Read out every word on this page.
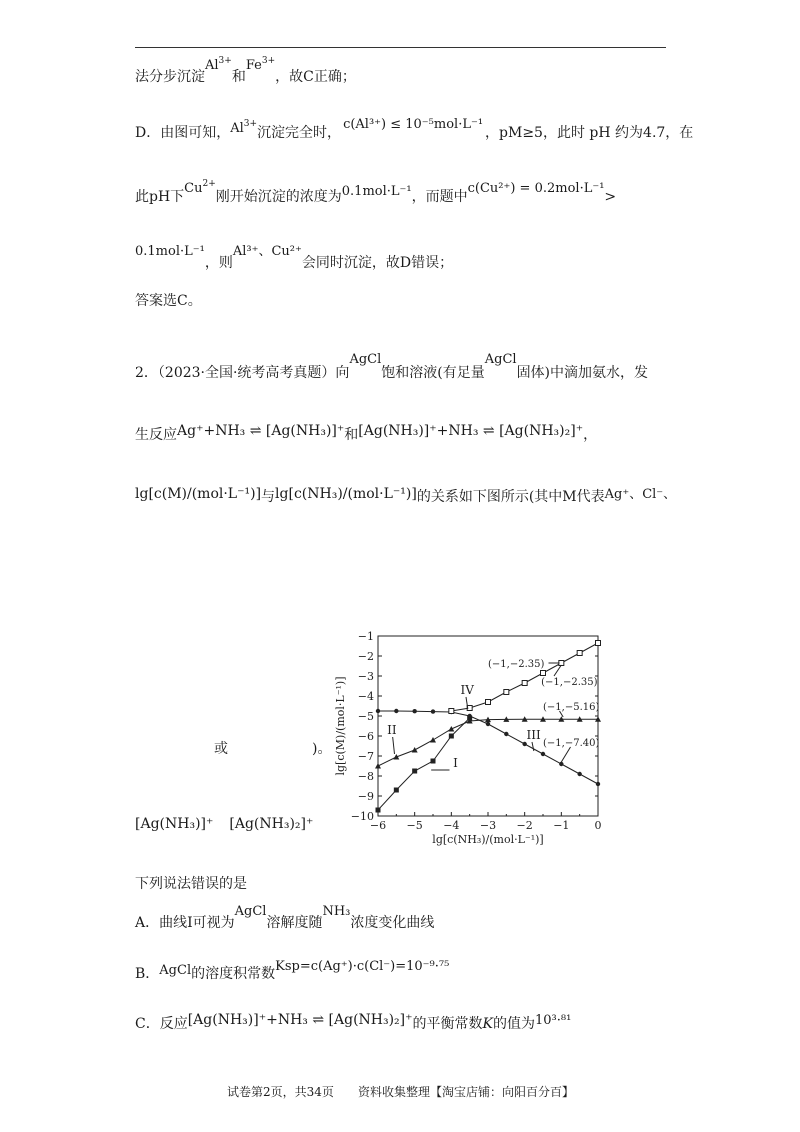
法分步沉淀$Al^{3+}$和$Fe^{3+}$，故C正确；
D．由图可知，$Al^{3+}$沉淀完全时，c(Al³⁺) ≤ 10⁻⁵mol·L⁻¹，pM≥5，此时 pH 约为4.7，在
此pH下$Cu^{2+}$刚开始沉淀的浓度为0.1mol·L⁻¹，而题中c(Cu²⁺) = 0.2mol·L⁻¹>
0.1mol·L⁻¹，则Al³⁺、Cu²⁺会同时沉淀，故D错误；
答案选C。
2．（2023·全国·统考高考真题）向AgCl饱和溶液(有足量AgCl固体)中滴加氨水，发
生反应Ag⁺+NH₃ ⇌ [Ag(NH₃)]⁺和[Ag(NH₃)]⁺+NH₃ ⇌ [Ag(NH₃)₂]⁺，
lg[c(M)/(mol·L⁻¹)]与lg[c(NH₃)/(mol·L⁻¹)]的关系如下图所示(其中M代表Ag⁺、Cl⁻、
或	)。
[Ag(NH₃)]⁺ [Ag(NH₃)₂]⁺	−6 −5 −4 −3 −2 −1 0
−10
−9
−8
−7
−6
−5
−4
−3
−2
−1
lg[c(NH₃)/(mol·L⁻¹)]
lg[c(M)/(mol·L⁻¹)]	IV
II	III
I
(−1,−2.35)
(−1,−2.35)
(−1,−5.16)
(−1,−7.40)
下列说法错误的是
A．曲线I可视为AgCl溶解度随NH₃浓度变化曲线
B．AgCl的溶度积常数Ksp=c(Ag⁺)·c(Cl⁻)=10⁻⁹·⁷⁵
C．反应[Ag(NH₃)]⁺+NH₃ ⇌ [Ag(NH₃)₂]⁺的平衡常数K的值为10³·⁸¹
试卷第2页，共34页 资料收集整理【淘宝店铺：向阳百分百】
